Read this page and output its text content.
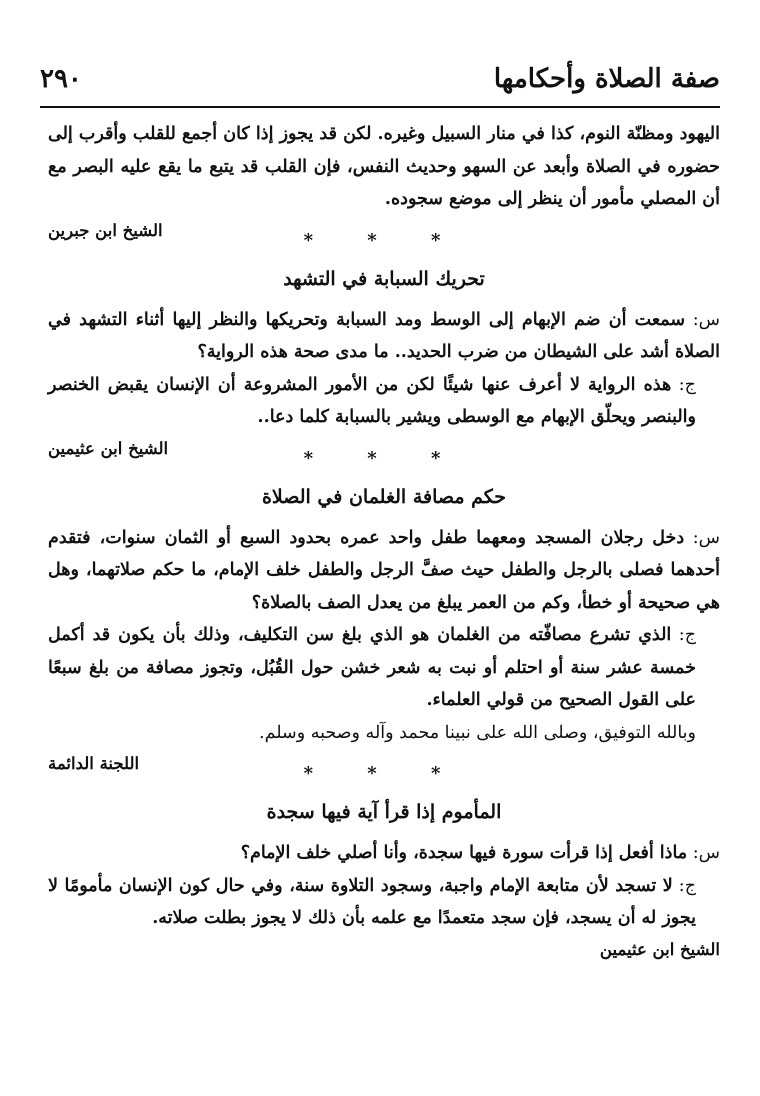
صفة الصلاة وأحكامها
٢٩٠

اليهود ومظنّة النوم، كذا في منار السبيل وغيره. لكن قد يجوز إذا كان أجمع للقلب وأقرب إلى حضوره في الصلاة وأبعد عن السهو وحديث النفس، فإن القلب قد يتبع ما يقع عليه البصر مع أن المصلي مأمور أن ينظر إلى موضع سجوده.

الشيخ ابن جبرين	* * *
تحريك السبابة في التشهد

س: سمعت أن ضم الإبهام إلى الوسط ومد السبابة وتحريكها والنظر إليها أثناء التشهد في الصلاة أشد على الشيطان من ضرب الحديد.. ما مدى صحة هذه الرواية؟

ج: هذه الرواية لا أعرف عنها شيئًا لكن من الأمور المشروعة أن الإنسان يقبض الخنصر والبنصر ويحلّق الإبهام مع الوسطى ويشير بالسبابة كلما دعا..

الشيخ ابن عثيمين	* * *
حكم مصافة الغلمان في الصلاة

س: دخل رجلان المسجد ومعهما طفل واحد عمره بحدود السبع أو الثمان سنوات، فتقدم أحدهما فصلى بالرجل والطفل حيث صفَّ الرجل والطفل خلف الإمام، ما حكم صلاتهما، وهل هي صحيحة أو خطأ، وكم من العمر يبلغ من يعدل الصف بالصلاة؟

ج: الذي تشرع مصافّته من الغلمان هو الذي بلغ سن التكليف، وذلك بأن يكون قد أكمل خمسة عشر سنة أو احتلم أو نبت به شعر خشن حول القُبُل، وتجوز مصافة من بلغ سبعًا على القول الصحيح من قولي العلماء.

وبالله التوفيق، وصلى الله على نبينا محمد وآله وصحبه وسلم.

اللجنة الدائمة	* * *
المأموم إذا قرأ آية فيها سجدة

س: ماذا أفعل إذا قرأت سورة فيها سجدة، وأنا أصلي خلف الإمام؟

ج: لا تسجد لأن متابعة الإمام واجبة، وسجود التلاوة سنة، وفي حال كون الإنسان مأمومًا لا يجوز له أن يسجد، فإن سجد متعمدًا مع علمه بأن ذلك لا يجوز بطلت صلاته.

الشيخ ابن عثيمين
